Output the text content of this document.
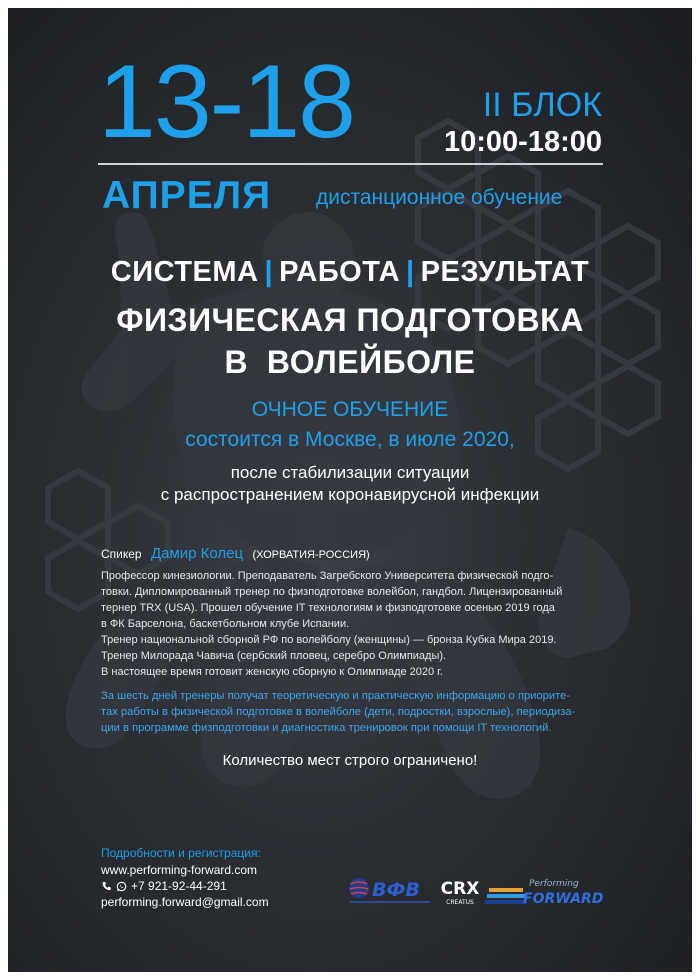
13-18	II БЛОК
10:00-18:00
АПРЕЛЯ дистанционное обучение
СИСТЕМА | РАБОТА | РЕЗУЛЬТАТ
ФИЗИЧЕСКАЯ ПОДГОТОВКА
В  ВОЛЕЙБОЛЕ
ОЧНОЕ ОБУЧЕНИЕ
состоится в Москве, в июле 2020,
после стабилизации ситуации
с распространением коронавирусной инфекции
Спикер Дамир Колец (ХОРВАТИЯ-РОССИЯ)
Профессор кинезиологии. Преподаватель Загребского Университета физической подго-
товки. Дипломированный тренер по физподготовке волейбол, гандбол. Лицензированный
тернер TRX (USA). Прошел обучение IT технологиям и физподготовке осенью 2019 года
в ФК Барселона, баскетбольном клубе Испании.
Тренер национальной сборной РФ по волейболу (женщины) — бронза Кубка Мира 2019.
Тренер Милорада Чавича (сербский пловец, серебро Олимпиады).
В настоящее время готовит женскую сборную к Олимпиаде 2020 г.
За шесть дней тренеры получат теоретическую и практическую информацию о приорите-
тах работы в физической подготовке в волейболе (дети, подростки, взрослые), периодиза-
ции в программе физподготовки и диагностика тренировок при помощи IT технологий.
Количество мест строго ограничено!
Подробности и регистрация:
www.performing-forward.com
+7 921-92-44-291
performing.forward@gmail.com
ВФВ CRX
CREATUS
Performing
FORWARD
